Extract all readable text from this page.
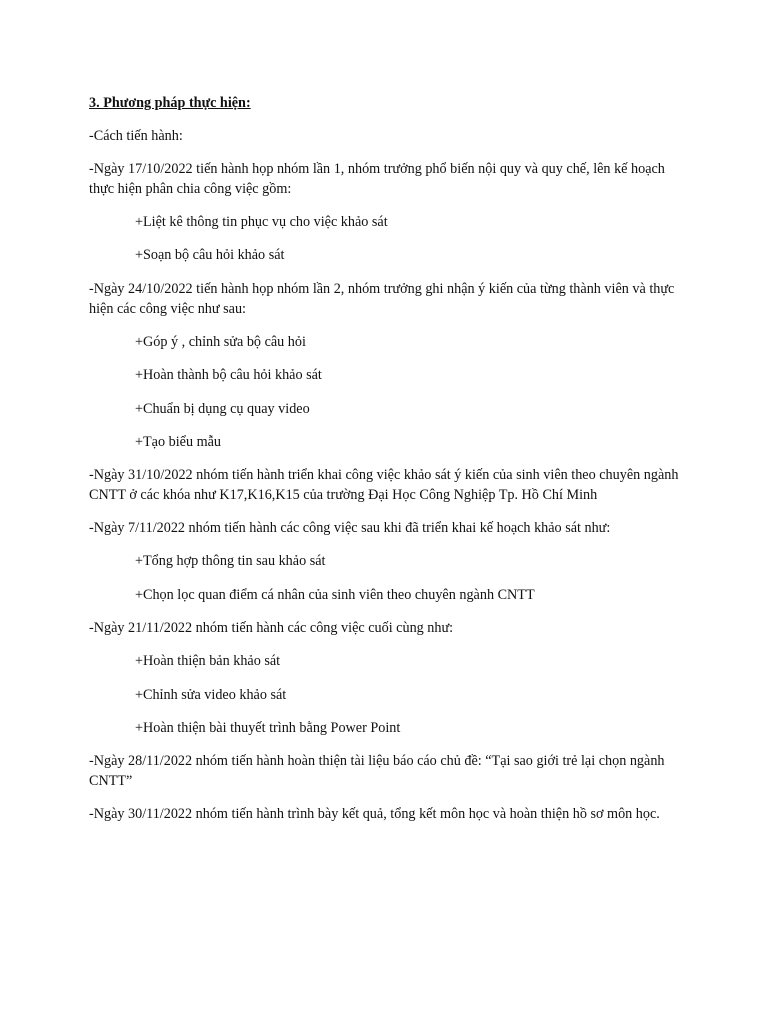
3. Phương pháp thực hiện:
-Cách tiến hành:
-Ngày 17/10/2022 tiến hành họp nhóm lần 1, nhóm trưởng phổ biến nội quy và quy chế, lên kế hoạch thực hiện phân chia công việc gồm:
+Liệt kê thông tin phục vụ cho việc khảo sát
+Soạn bộ câu hỏi khảo sát
-Ngày 24/10/2022 tiến hành họp nhóm lần 2, nhóm trưởng ghi nhận ý kiến của từng thành viên và thực hiện các công việc như sau:
+Góp ý , chỉnh sửa bộ câu hỏi
+Hoàn thành bộ câu hỏi khảo sát
+Chuẩn bị dụng cụ quay video
+Tạo biểu mẫu
-Ngày 31/10/2022 nhóm tiến hành triển khai công việc khảo sát ý kiến của sinh viên theo chuyên ngành CNTT ở các khóa như K17,K16,K15 của trường Đại Học Công Nghiệp Tp. Hồ Chí Minh
-Ngày 7/11/2022 nhóm tiến hành các công việc sau khi đã triển khai kế hoạch khảo sát như:
+Tổng hợp thông tin sau khảo sát
+Chọn lọc quan điểm cá nhân của sinh viên theo chuyên ngành CNTT
-Ngày 21/11/2022 nhóm tiến hành các công việc cuối cùng như:
+Hoàn thiện bản khảo sát
+Chỉnh sửa video khảo sát
+Hoàn thiện bài thuyết trình bằng Power Point
-Ngày 28/11/2022 nhóm tiến hành hoàn thiện tài liệu báo cáo chủ đề: “Tại sao giới trẻ lại chọn ngành CNTT”
-Ngày 30/11/2022 nhóm tiến hành trình bày kết quả, tổng kết môn học và hoàn thiện hồ sơ môn học.
